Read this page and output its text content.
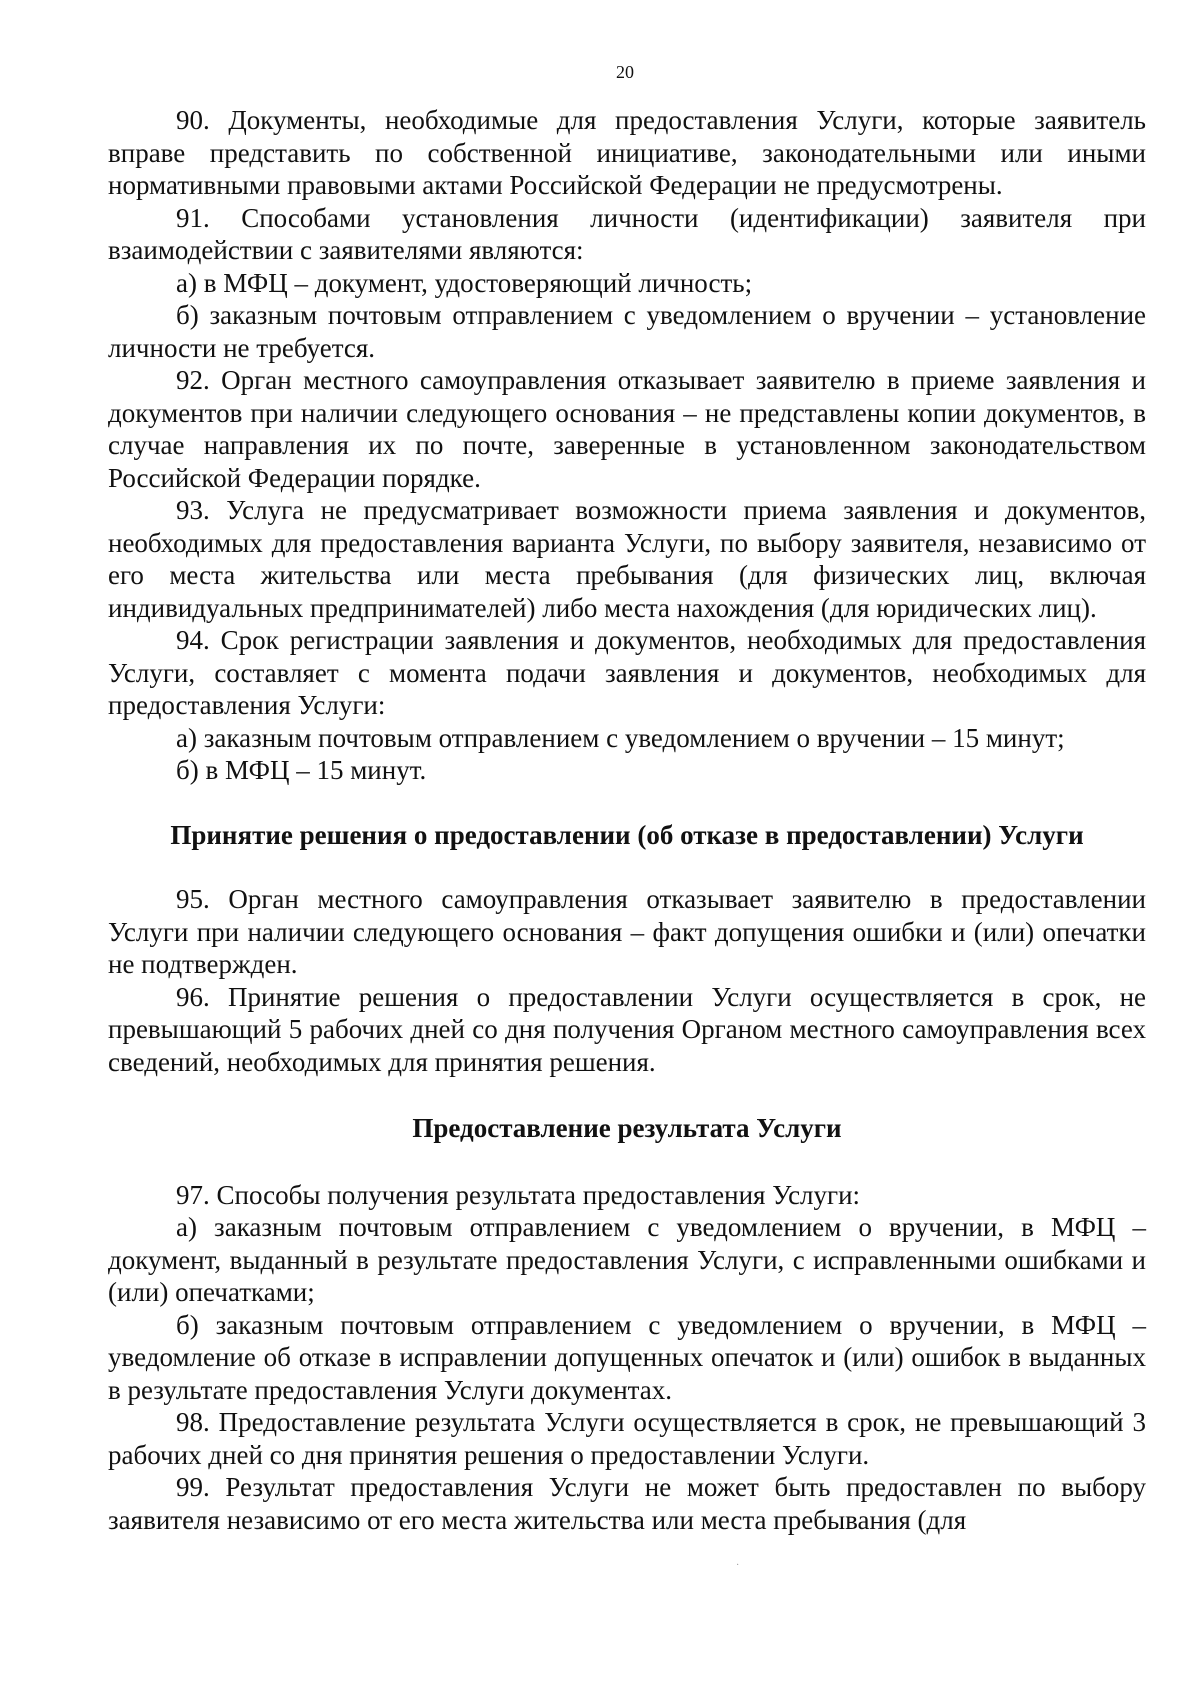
20

90. Документы, необходимые для предоставления Услуги, которые заявитель вправе представить по собственной инициативе, законодательными или иными нормативными правовыми актами Российской Федерации не предусмотрены.

91. Способами установления личности (идентификации) заявителя при взаимодействии с заявителями являются:

а) в МФЦ – документ, удостоверяющий личность;

б) заказным почтовым отправлением с уведомлением о вручении – установление личности не требуется.

92. Орган местного самоуправления отказывает заявителю в приеме заявления и документов при наличии следующего основания – не представлены копии документов, в случае направления их по почте, заверенные в установленном законодательством Российской Федерации порядке.

93. Услуга не предусматривает возможности приема заявления и документов, необходимых для предоставления варианта Услуги, по выбору заявителя, независимо от его места жительства или места пребывания (для физических лиц, включая индивидуальных предпринимателей) либо места нахождения (для юридических лиц).

94. Срок регистрации заявления и документов, необходимых для предоставления Услуги, составляет с момента подачи заявления и документов, необходимых для предоставления Услуги:

а) заказным почтовым отправлением с уведомлением о вручении – 15 минут;

б) в МФЦ – 15 минут.

Принятие решения о предоставлении (об отказе в предоставлении) Услуги

95. Орган местного самоуправления отказывает заявителю в предоставлении Услуги при наличии следующего основания – факт допущения ошибки и (или) опечатки не подтвержден.

96. Принятие решения о предоставлении Услуги осуществляется в срок, не превышающий 5 рабочих дней со дня получения Органом местного самоуправления всех сведений, необходимых для принятия решения.

Предоставление результата Услуги

97. Способы получения результата предоставления Услуги:

а) заказным почтовым отправлением с уведомлением о вручении, в МФЦ – документ, выданный в результате предоставления Услуги, с исправленными ошибками и (или) опечатками;

б) заказным почтовым отправлением с уведомлением о вручении, в МФЦ – уведомление об отказе в исправлении допущенных опечаток и (или) ошибок в выданных в результате предоставления Услуги документах.

98. Предоставление результата Услуги осуществляется в срок, не превышающий 3 рабочих дней со дня принятия решения о предоставлении Услуги.

99. Результат предоставления Услуги не может быть предоставлен по выбору заявителя независимо от его места жительства или места пребывания (для

·
